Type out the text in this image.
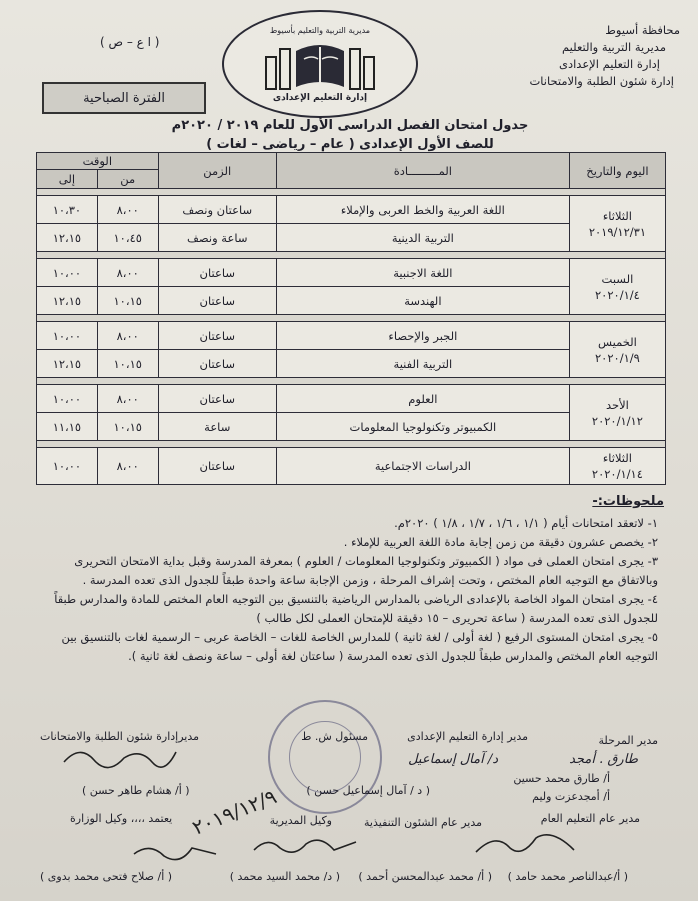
محافظة أسيوط
مديرية التربية والتعليم
إدارة التعليم الإعدادى
إدارة شئون الطلبة والامتحانات
مديرية التربية والتعليم بأسيوط
إدارة التعليم الإعدادى
( ا ع – ص )
الفترة الصباحية
جدول امتحان الفصل الدراسى الأول للعام ٢٠١٩ / ٢٠٢٠م
للصف الأول الإعدادى ( عام – رياضى – لغات )
اليوم والتاريخ	المـــــــــادة	الزمن	الوقت	
			من	إلى

الثلاثاء
٢٠١٩/١٢/٣١	اللغة العربية والخط العربى والإملاء	ساعتان ونصف	٨،٠٠	١٠،٣٠
	التربية الدينية	ساعة ونصف	١٠،٤٥	١٢،١٥

السبت
٢٠٢٠/١/٤	اللغة الاجنبية	ساعتان	٨،٠٠	١٠،٠٠
	الهندسة	ساعتان	١٠،١٥	١٢،١٥

الخميس
٢٠٢٠/١/٩	الجبر والإحصاء	ساعتان	٨،٠٠	١٠،٠٠
	التربية الفنية	ساعتان	١٠،١٥	١٢،١٥

الأحد
٢٠٢٠/١/١٢	العلوم	ساعتان	٨،٠٠	١٠،٠٠
	الكمبيوتر وتكنولوجيا المعلومات	ساعة	١٠،١٥	١١،١٥

الثلاثاء
٢٠٢٠/١/١٤	الدراسات الاجتماعية	ساعتان	٨،٠٠	١٠،٠٠
ملحوظات:-

١- لاتعقد امتحانات أيام ( ١/١ ، ١/٦ ، ١/٧ ، ١/٨ ) ٢٠٢٠م.

٢- يخصص عشرون دقيقة من زمن إجابة مادة اللغة العربية للإملاء .

٣- يجرى امتحان العملى فى مواد ( الكمبيوتر وتكنولوجيا المعلومات / العلوم ) بمعرفة المدرسة وقبل بداية الامتحان التحريرى وبالاتفاق مع التوجيه العام المختص ، وتحت إشراف المرحلة ، وزمن الإجابة ساعة واحدة طبقاً للجدول الذى تعده المدرسة .

٤- يجرى امتحان المواد الخاصة بالإعدادى الرياضى بالمدارس الرياضية بالتنسيق بين التوجيه العام المختص للمادة والمدارس طبقاً للجدول الذى تعده المدرسة ( ساعة تحريرى – ١٥ دقيقة للإمتحان العملى لكل طالب )

٥- يجرى امتحان المستوى الرفيع ( لغة أولى / لغة ثانية ) للمدارس الخاصة للغات – الخاصة عربى – الرسمية لغات بالتنسيق بين التوجيه العام المختص والمدارس طبقاً للجدول الذى تعده المدرسة ( ساعتان لغة أولى – ساعة ونصف لغة ثانية ).

مدير المرحلة
مدير إدارة التعليم الإعدادى
مسئول ش. ط
مديرإدارة شئون الطلبة والامتحانات
طارق . أمجد
د/ آمال إسماعيل
أ/ طارق محمد حسين
أ/ أمجدعزت وليم
( د / آمال إسماعيل حسن )
( أ/ هشام طاهر حسن )
مدير عام التعليم العام
مدير عام الشئون التنفيذية
وكيل المديرية
يعتمد ،،،، وكيل الوزارة
( أ/عبدالناصر محمد حامد )
( أ/ محمد عبدالمحسن أحمد )
( د/ محمد السيد محمد )
( أ/ صلاح فتحى محمد بدوى )
٢٠١٩/١٢/٩
